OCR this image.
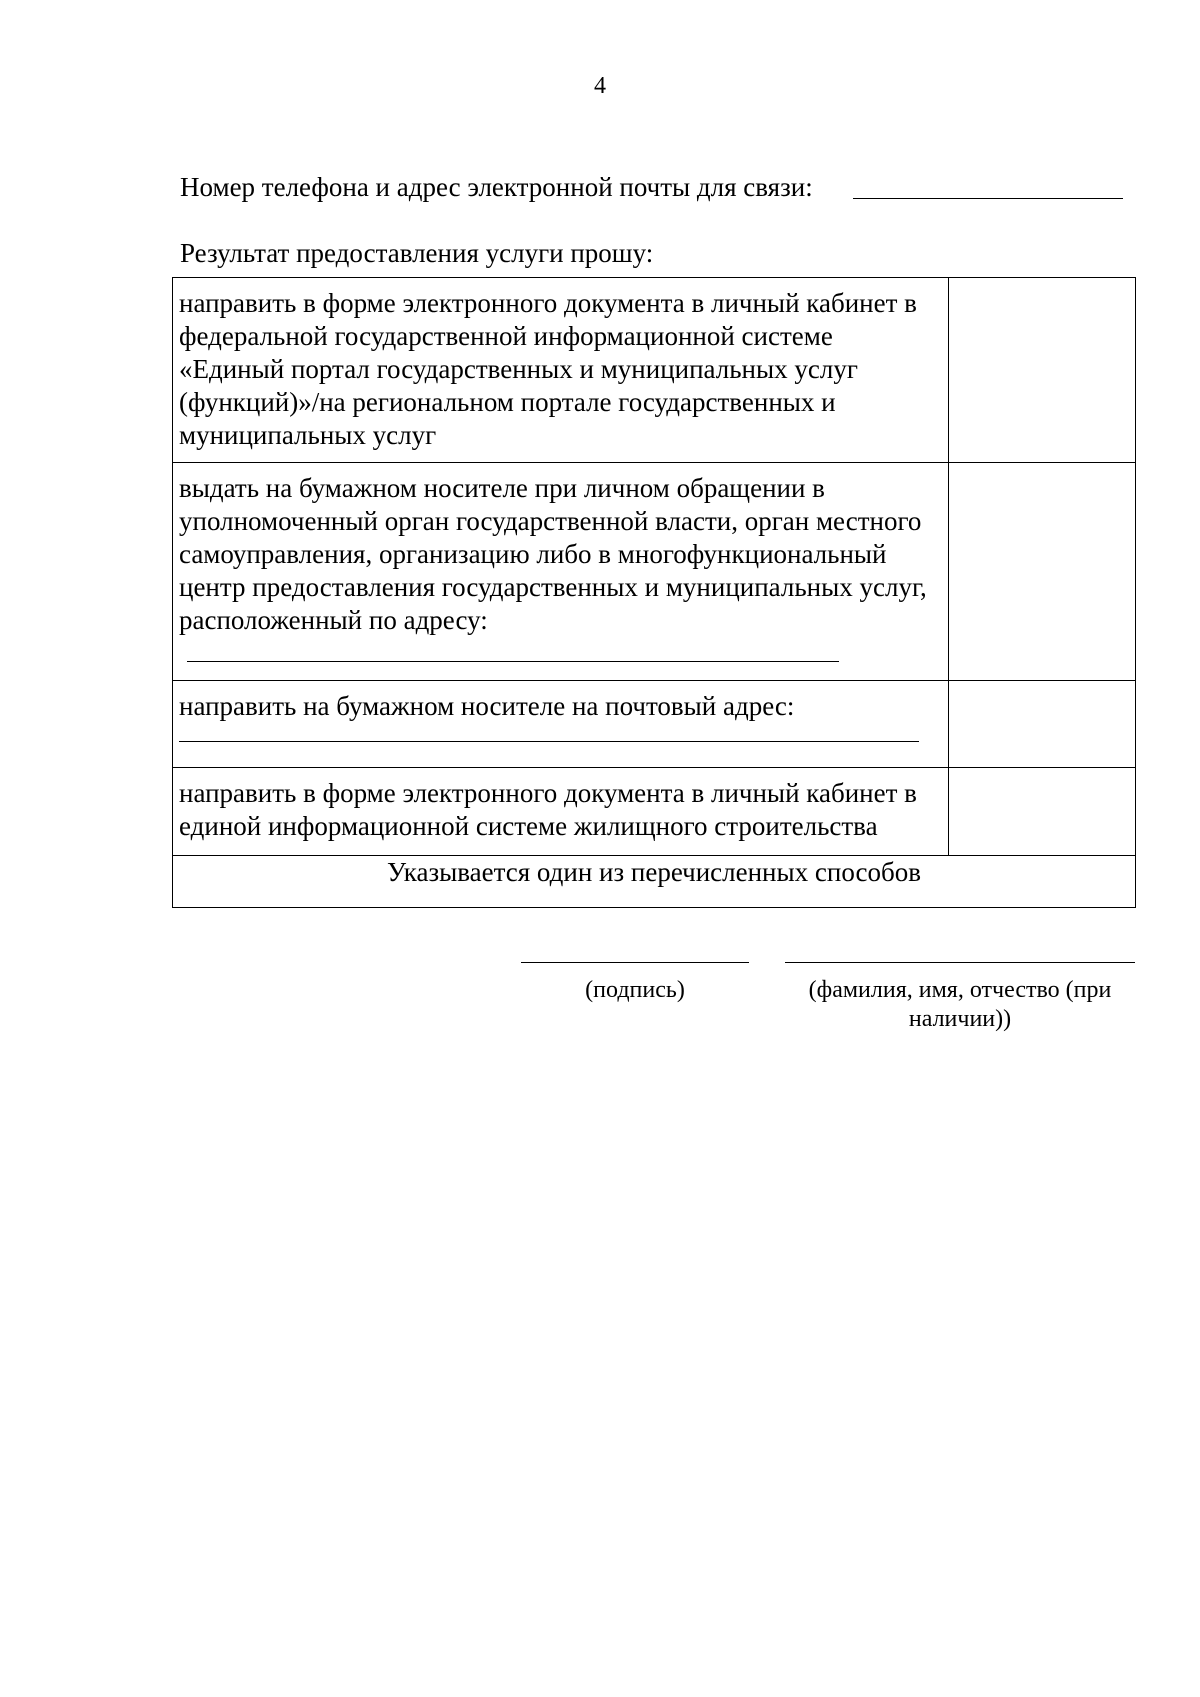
4
Номер телефона и адрес электронной почты для связи:
Результат предоставления услуги прошу:
направить в форме электронного документа в личный кабинет в федеральной государственной информационной системе «Единый портал государственных и муниципальных услуг (функций)»/на региональном портале государственных и муниципальных услуг	

выдать на бумажном носителе при личном обращении в уполномоченный орган государственной власти, орган местного самоуправления, организацию либо в многофункциональный центр предоставления государственных и муниципальных услуг, расположенный по адресу:	

направить на бумажном носителе на почтовый адрес:	

направить в форме электронного документа в личный кабинет в единой информационной системе жилищного строительства	

Указывается один из перечисленных способов	
(подпись)	(фамилия, имя, отчество (при наличии))
